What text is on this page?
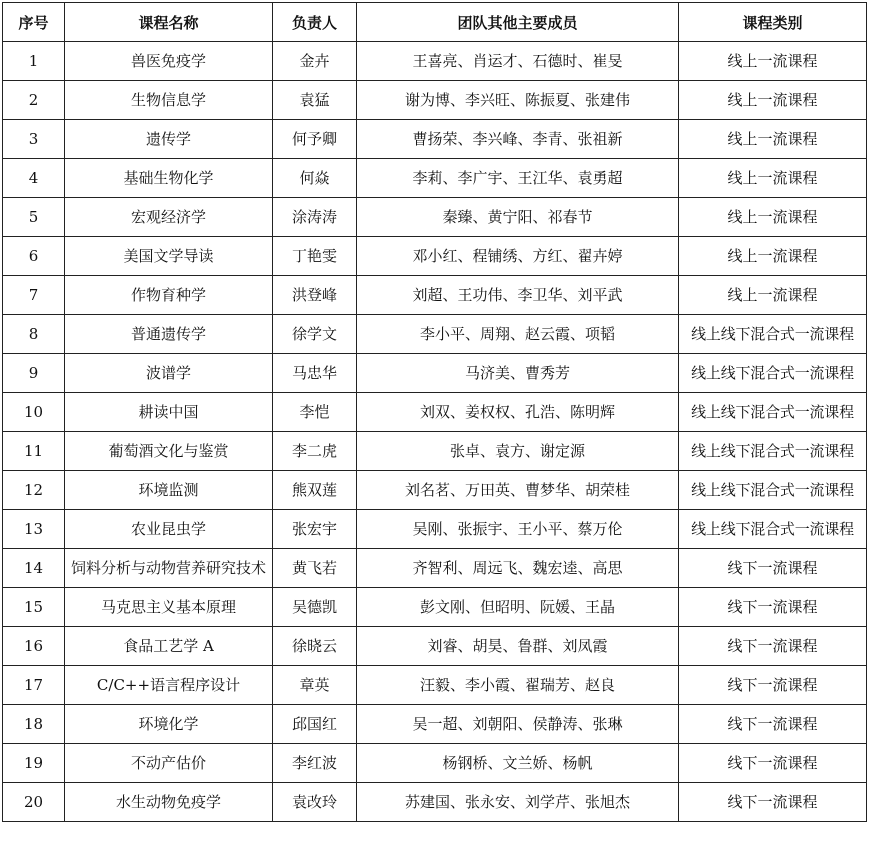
序号	课程名称	负责人	团队其他主要成员	课程类别
1	兽医免疫学	金卉	王喜亮、肖运才、石德时、崔旻	线上一流课程
2	生物信息学	袁猛	谢为博、李兴旺、陈振夏、张建伟	线上一流课程
3	遗传学	何予卿	曹扬荣、李兴峰、李青、张祖新	线上一流课程
4	基础生物化学	何焱	李莉、李广宇、王江华、袁勇超	线上一流课程
5	宏观经济学	涂涛涛	秦臻、黄宁阳、祁春节	线上一流课程
6	美国文学导读	丁艳雯	邓小红、程铺绣、方红、翟卉婷	线上一流课程
7	作物育种学	洪登峰	刘超、王功伟、李卫华、刘平武	线上一流课程
8	普通遗传学	徐学文	李小平、周翔、赵云霞、项韬	线上线下混合式一流课程
9	波谱学	马忠华	马济美、曹秀芳	线上线下混合式一流课程
10	耕读中国	李恺	刘双、姜权权、孔浩、陈明辉	线上线下混合式一流课程
11	葡萄酒文化与鉴赏	李二虎	张卓、袁方、谢定源	线上线下混合式一流课程
12	环境监测	熊双莲	刘名茗、万田英、曹梦华、胡荣桂	线上线下混合式一流课程
13	农业昆虫学	张宏宇	吴刚、张振宇、王小平、蔡万伦	线上线下混合式一流课程
14	饲料分析与动物营养研究技术	黄飞若	齐智利、周远飞、魏宏逵、高思	线下一流课程
15	马克思主义基本原理	吴德凯	彭文刚、但昭明、阮媛、王晶	线下一流课程
16	食品工艺学 A	徐晓云	刘睿、胡昊、鲁群、刘凤霞	线下一流课程
17	C/C++语言程序设计	章英	汪毅、李小霞、翟瑞芳、赵良	线下一流课程
18	环境化学	邱国红	吴一超、刘朝阳、侯静涛、张琳	线下一流课程
19	不动产估价	李红波	杨钢桥、文兰娇、杨帆	线下一流课程
20	水生动物免疫学	袁改玲	苏建国、张永安、刘学芹、张旭杰	线下一流课程
